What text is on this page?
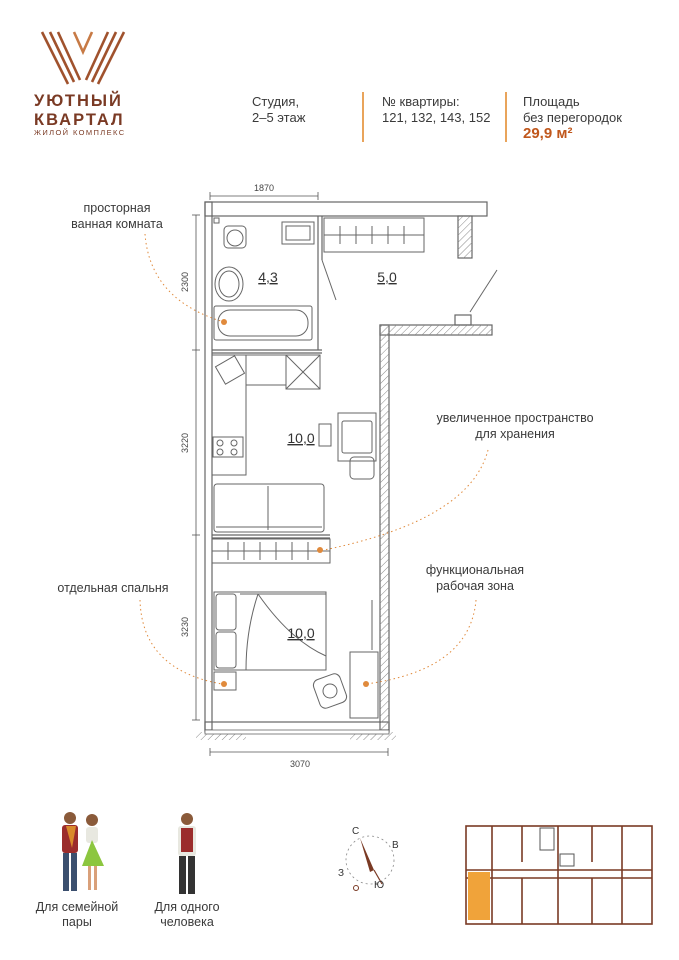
УЮТНЫЙ
КВАРТАЛ
ЖИЛОЙ КОМПЛЕКС
Студия,
2–5 этаж
№ квартиры:
121, 132, 143, 152
Площадь
без перегородок
29,9 м²
1870
3070
2300
3220
3230
4,3	5,0
10,0
10,0
просторная
ванная комната
увеличенное пространство
для хранения
отдельная спальня
функциональная
рабочая зона
Для семейной
пары
Для одного
человека
С
В
Ю
З
